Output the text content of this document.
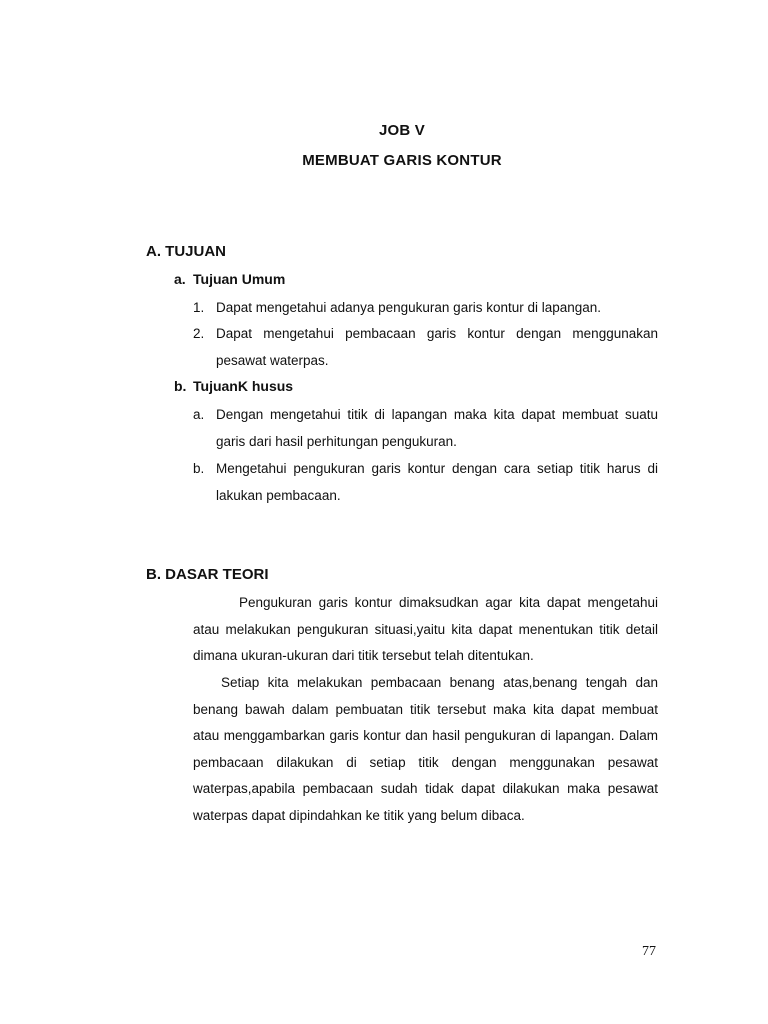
JOB V
MEMBUAT GARIS KONTUR
A. TUJUAN
a. Tujuan Umum
1. Dapat mengetahui adanya pengukuran garis kontur di lapangan.
2. Dapat mengetahui pembacaan garis kontur dengan menggunakan pesawat waterpas.
b. TujuanK husus
a. Dengan mengetahui titik di lapangan maka kita dapat membuat suatu garis dari hasil perhitungan pengukuran.
b. Mengetahui pengukuran garis kontur dengan cara setiap titik harus di lakukan pembacaan.
B. DASAR TEORI
Pengukuran garis kontur dimaksudkan agar kita dapat mengetahui atau melakukan pengukuran situasi,yaitu kita dapat menentukan titik detail dimana ukuran-ukuran dari titik tersebut telah ditentukan.
Setiap kita melakukan pembacaan benang atas,benang tengah dan benang bawah dalam pembuatan titik tersebut maka kita dapat membuat atau menggambarkan garis kontur dan hasil pengukuran di lapangan. Dalam pembacaan dilakukan di setiap titik dengan menggunakan pesawat waterpas,apabila pembacaan sudah tidak dapat dilakukan maka pesawat waterpas dapat dipindahkan ke titik yang belum dibaca.
77
